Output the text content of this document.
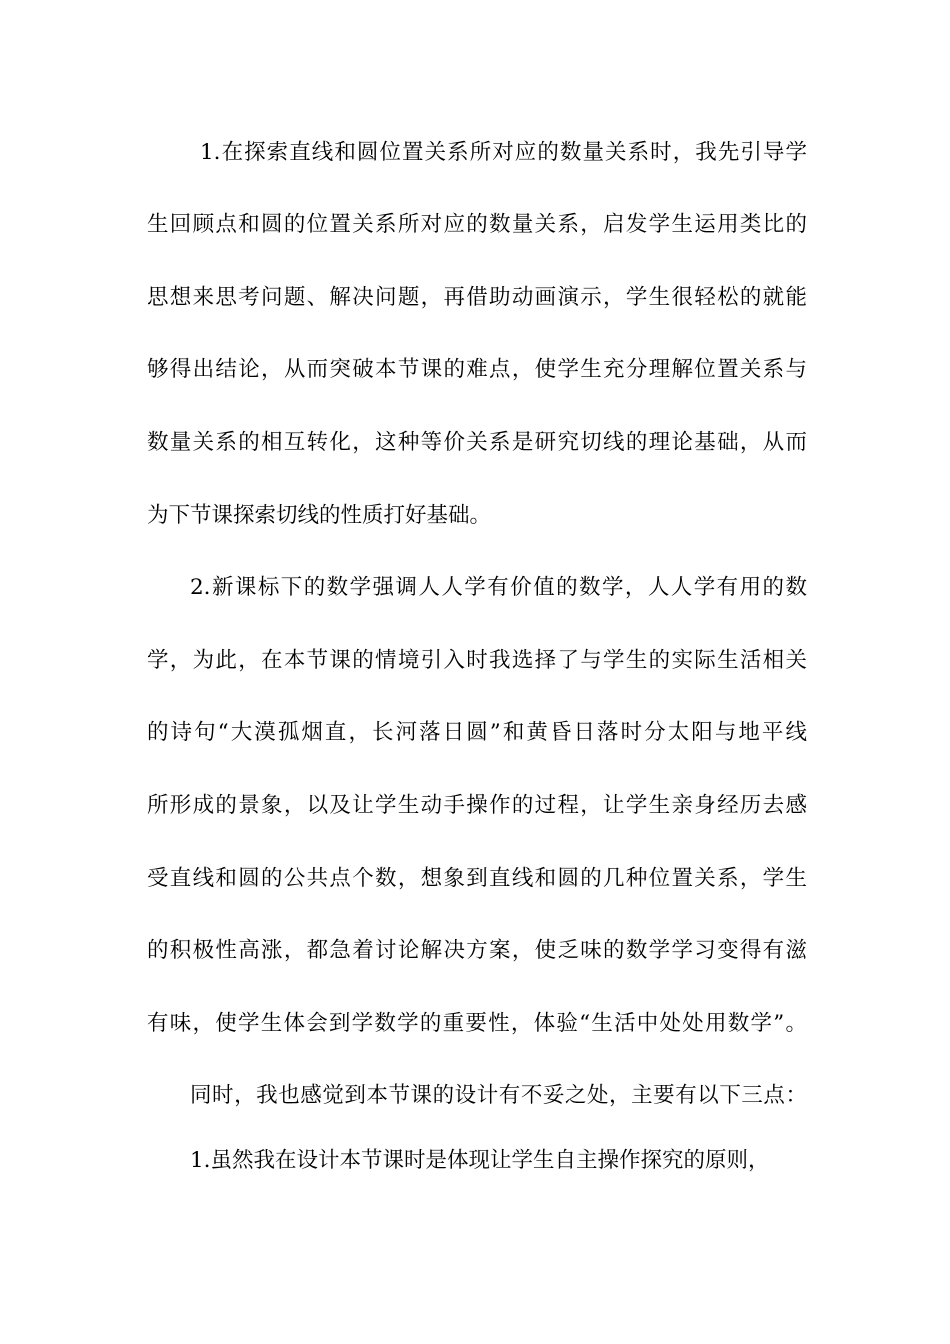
1.在探索直线和圆位置关系所对应的数量关系时，我先引导学
生回顾点和圆的位置关系所对应的数量关系，启发学生运用类比的
思想来思考问题、解决问题，再借助动画演示，学生很轻松的就能
够得出结论，从而突破本节课的难点，使学生充分理解位置关系与
数量关系的相互转化，这种等价关系是研究切线的理论基础，从而
为下节课探索切线的性质打好基础。
2.新课标下的数学强调人人学有价值的数学，人人学有用的数
学，为此，在本节课的情境引入时我选择了与学生的实际生活相关
的诗句“大漠孤烟直，长河落日圆”和黄昏日落时分太阳与地平线
所形成的景象，以及让学生动手操作的过程，让学生亲身经历去感
受直线和圆的公共点个数，想象到直线和圆的几种位置关系，学生
的积极性高涨，都急着讨论解决方案，使乏味的数学学习变得有滋
有味，使学生体会到学数学的重要性，体验“生活中处处用数学”。
同时，我也感觉到本节课的设计有不妥之处，主要有以下三点：
1.虽然我在设计本节课时是体现让学生自主操作探究的原则，
